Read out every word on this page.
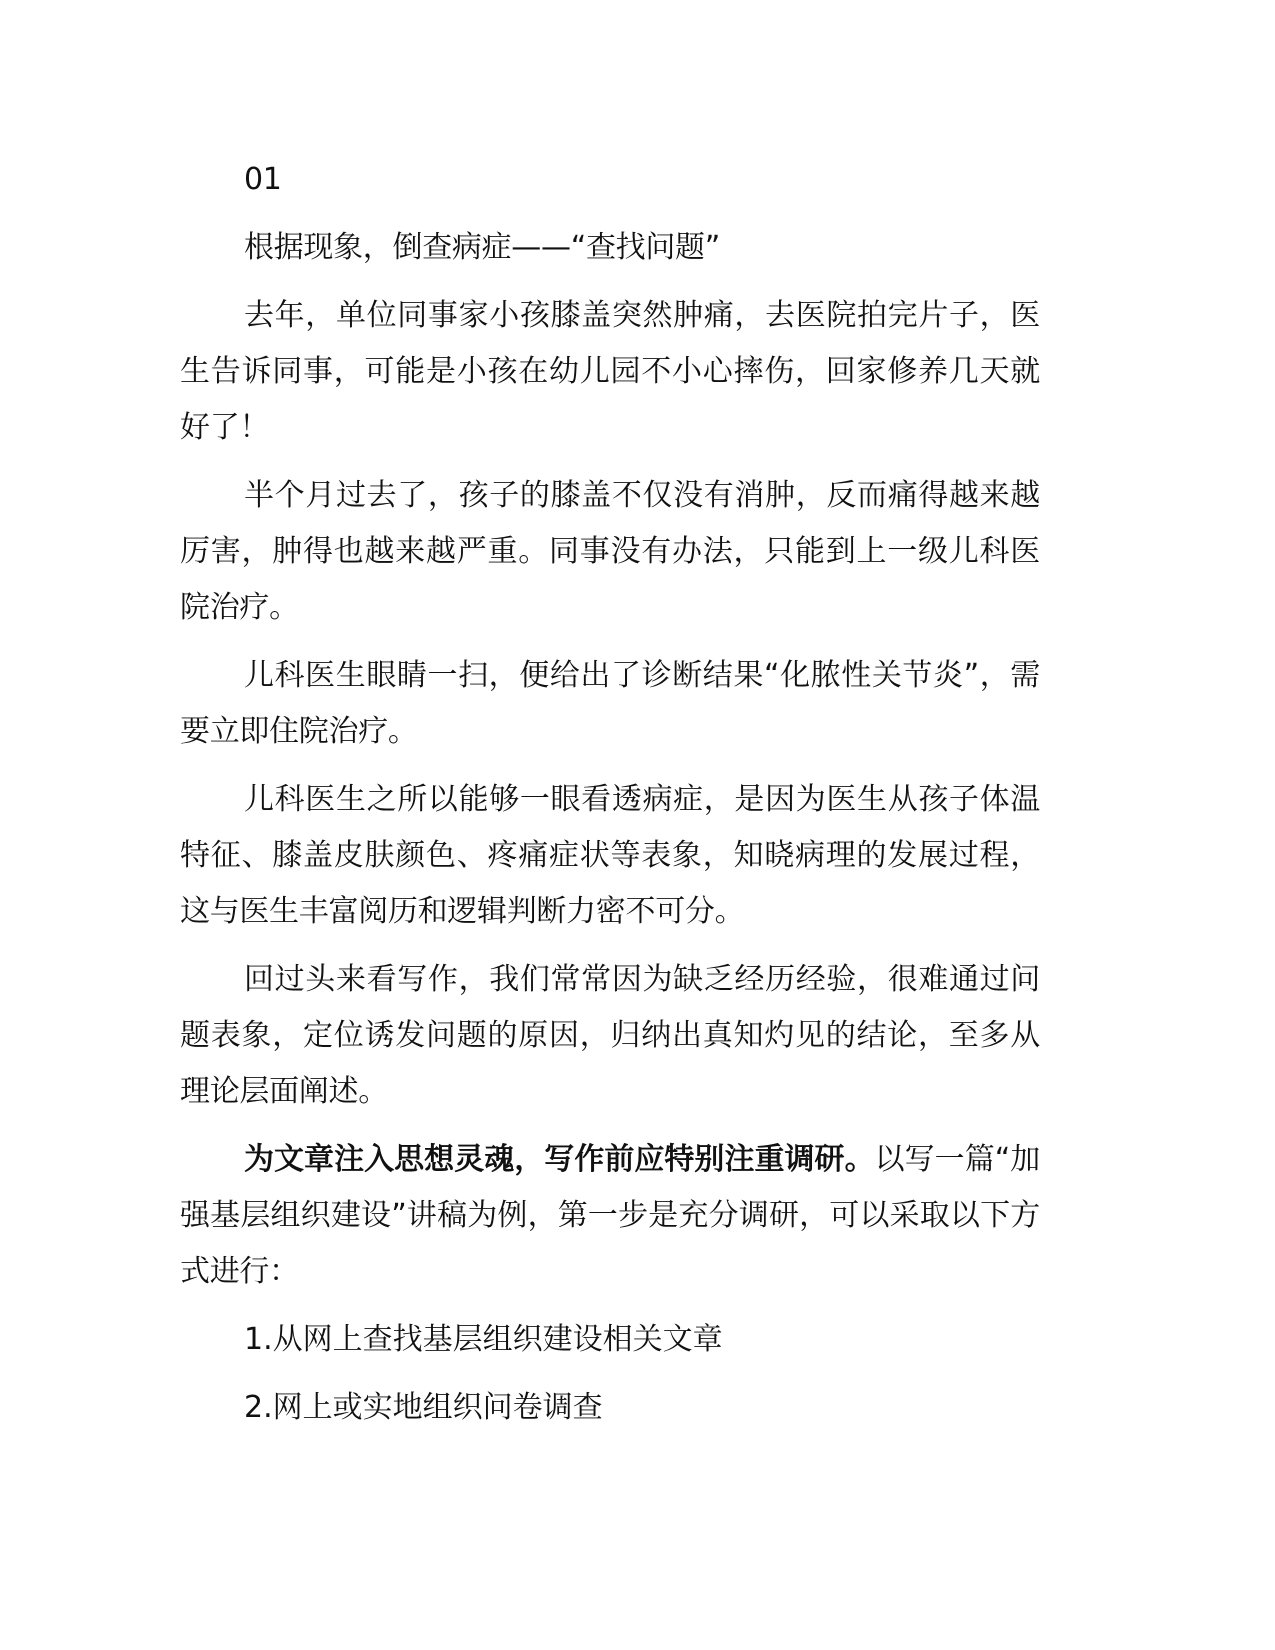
01

根据现象，倒查病症——“查找问题”

去年，单位同事家小孩膝盖突然肿痛，去医院拍完片子，医生告诉同事，可能是小孩在幼儿园不小心摔伤，回家修养几天就好了！

半个月过去了，孩子的膝盖不仅没有消肿，反而痛得越来越厉害，肿得也越来越严重。同事没有办法，只能到上一级儿科医院治疗。

儿科医生眼睛一扫，便给出了诊断结果“化脓性关节炎”，需要立即住院治疗。

儿科医生之所以能够一眼看透病症，是因为医生从孩子体温特征、膝盖皮肤颜色、疼痛症状等表象，知晓病理的发展过程，这与医生丰富阅历和逻辑判断力密不可分。

回过头来看写作，我们常常因为缺乏经历经验，很难通过问题表象，定位诱发问题的原因，归纳出真知灼见的结论，至多从理论层面阐述。

为文章注入思想灵魂，写作前应特别注重调研。以写一篇“加强基层组织建设”讲稿为例，第一步是充分调研，可以采取以下方式进行：

1.从网上查找基层组织建设相关文章

2.网上或实地组织问卷调查
